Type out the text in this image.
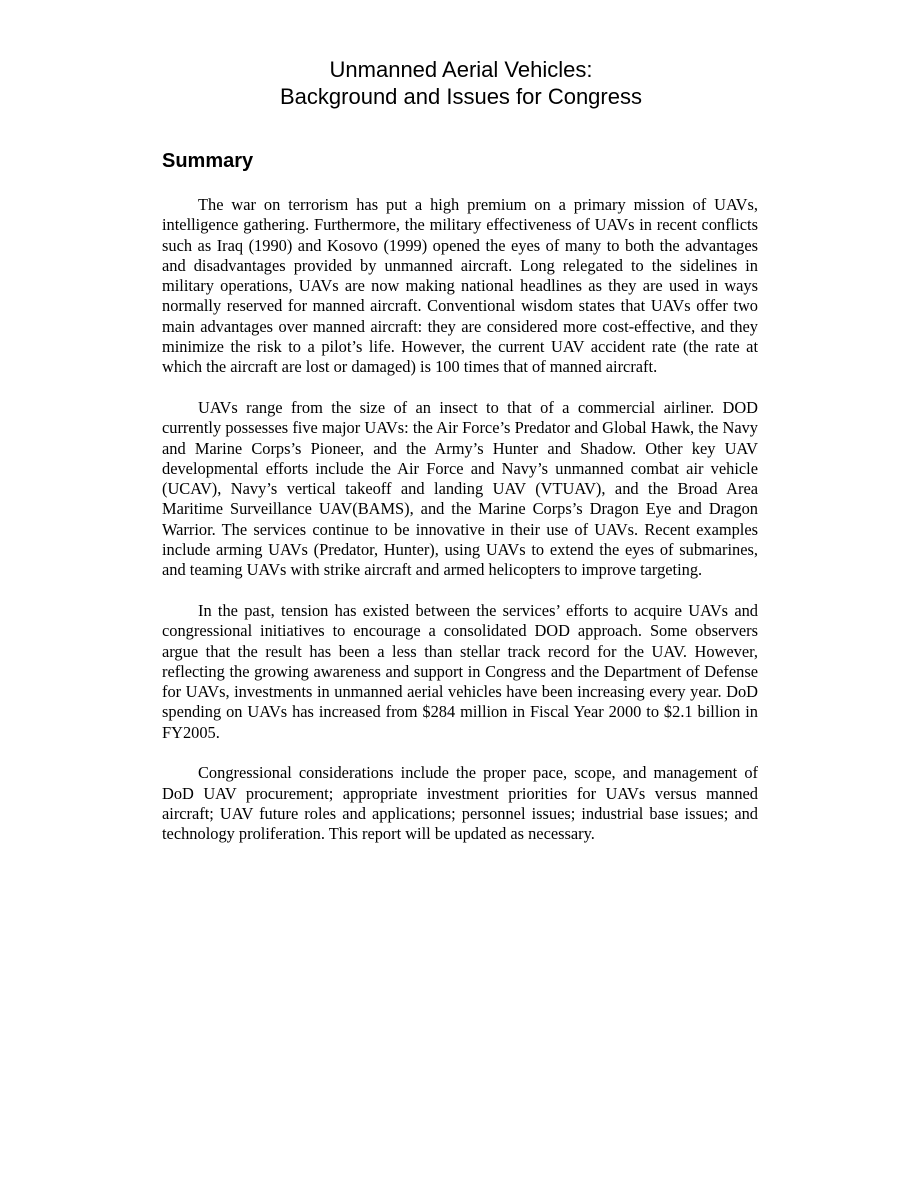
Unmanned Aerial Vehicles:
Background and Issues for Congress
Summary

The war on terrorism has put a high premium on a primary mission of UAVs, intelligence gathering. Furthermore, the military effectiveness of UAVs in recent conflicts such as Iraq (1990) and Kosovo (1999) opened the eyes of many to both the advantages and disadvantages provided by unmanned aircraft. Long relegated to the sidelines in military operations, UAVs are now making national headlines as they are used in ways normally reserved for manned aircraft. Conventional wisdom states that UAVs offer two main advantages over manned aircraft: they are considered more cost-effective, and they minimize the risk to a pilot’s life. However, the current UAV accident rate (the rate at which the aircraft are lost or damaged) is 100 times that of manned aircraft.

UAVs range from the size of an insect to that of a commercial airliner. DOD currently possesses five major UAVs: the Air Force’s Predator and Global Hawk, the Navy and Marine Corps’s Pioneer, and the Army’s Hunter and Shadow. Other key UAV developmental efforts include the Air Force and Navy’s unmanned combat air vehicle (UCAV), Navy’s vertical takeoff and landing UAV (VTUAV), and the Broad Area Maritime Surveillance UAV(BAMS), and the Marine Corps’s Dragon Eye and Dragon Warrior. The services continue to be innovative in their use of UAVs. Recent examples include arming UAVs (Predator, Hunter), using UAVs to extend the eyes of submarines, and teaming UAVs with strike aircraft and armed helicopters to improve targeting.

In the past, tension has existed between the services’ efforts to acquire UAVs and congressional initiatives to encourage a consolidated DOD approach. Some observers argue that the result has been a less than stellar track record for the UAV. However, reflecting the growing awareness and support in Congress and the Department of Defense for UAVs, investments in unmanned aerial vehicles have been increasing every year. DoD spending on UAVs has increased from $284 million in Fiscal Year 2000 to $2.1 billion in FY2005.

Congressional considerations include the proper pace, scope, and management of DoD UAV procurement; appropriate investment priorities for UAVs versus manned aircraft; UAV future roles and applications; personnel issues; industrial base issues; and technology proliferation. This report will be updated as necessary.
